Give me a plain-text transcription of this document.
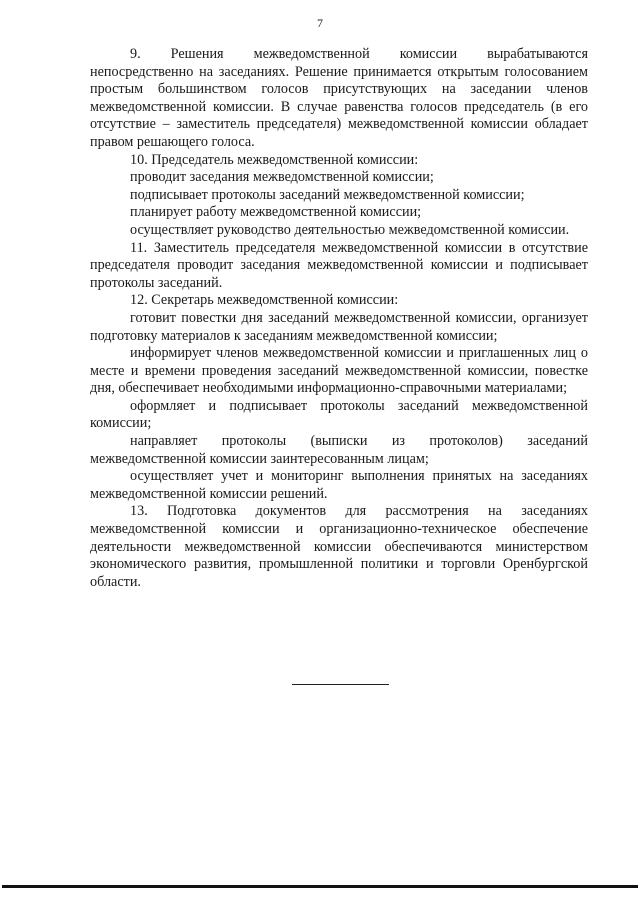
7

9. Решения межведомственной комиссии вырабатываются непосредственно на заседаниях. Решение принимается открытым голосованием простым большинством голосов присутствующих на заседании членов межведомственной комиссии. В случае равенства голосов председатель (в его отсутствие – заместитель председателя) межведомственной комиссии обладает правом решающего голоса.

10. Председатель межведомственной комиссии:

проводит заседания межведомственной комиссии;

подписывает протоколы заседаний межведомственной комиссии;

планирует работу межведомственной комиссии;

осуществляет руководство деятельностью межведомственной комиссии.

11. Заместитель председателя межведомственной комиссии в отсутствие председателя проводит заседания межведомственной комиссии и подписывает протоколы заседаний.

12. Секретарь межведомственной комиссии:

готовит повестки дня заседаний межведомственной комиссии, организует подготовку материалов к заседаниям межведомственной комиссии;

информирует членов межведомственной комиссии и приглашенных лиц о месте и времени проведения заседаний межведомственной комиссии, повестке дня, обеспечивает необходимыми информационно-справочными материалами;

оформляет и подписывает протоколы заседаний межведомственной комиссии;

направляет протоколы (выписки из протоколов) заседаний межведомственной комиссии заинтересованным лицам;

осуществляет учет и мониторинг выполнения принятых на заседаниях межведомственной комиссии решений.

13. Подготовка документов для рассмотрения на заседаниях межведомственной комиссии и организационно-техническое обеспечение деятельности межведомственной комиссии обеспечиваются министерством экономического развития, промышленной политики и торговли Оренбургской области.
